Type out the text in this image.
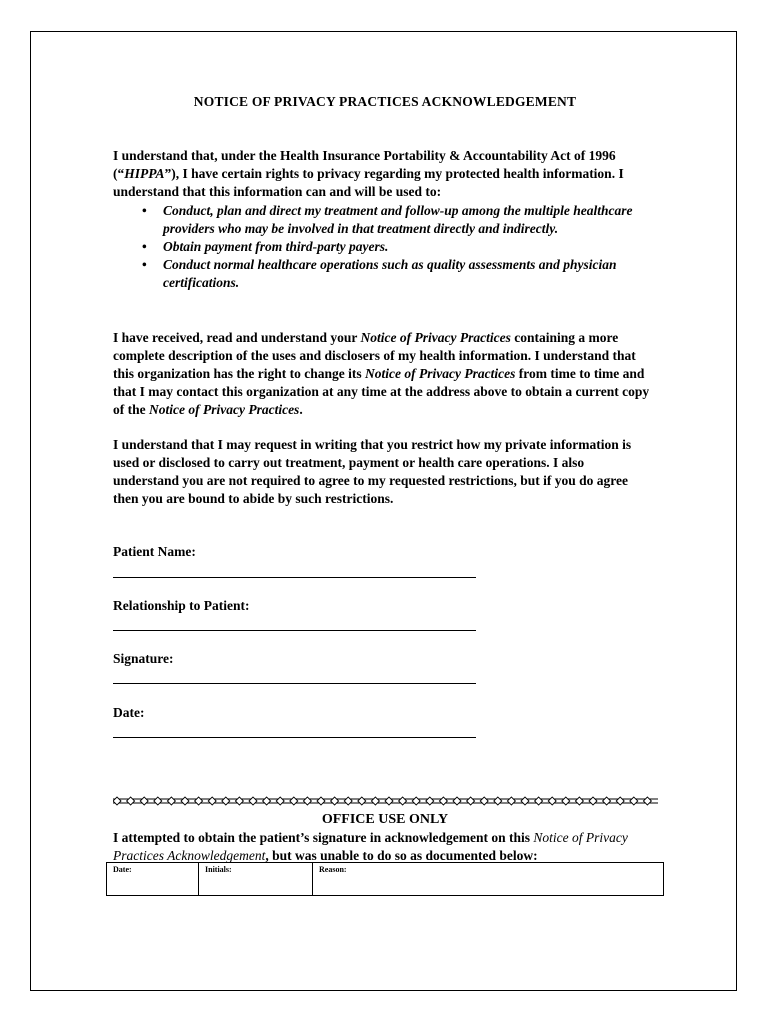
NOTICE OF PRIVACY PRACTICES ACKNOWLEDGEMENT
I understand that, under the Health Insurance Portability & Accountability Act of 1996 (“HIPPA”), I have certain rights to privacy regarding my protected health information. I understand that this information can and will be used to:
• Conduct, plan and direct my treatment and follow-up among the multiple healthcare providers who may be involved in that treatment directly and indirectly.
• Obtain payment from third-party payers.
• Conduct normal healthcare operations such as quality assessments and physician certifications.
I have received, read and understand your Notice of Privacy Practices containing a more complete description of the uses and disclosers of my health information. I understand that this organization has the right to change its Notice of Privacy Practices from time to time and that I may contact this organization at any time at the address above to obtain a current copy of the Notice of Privacy Practices.
I understand that I may request in writing that you restrict how my private information is used or disclosed to carry out treatment, payment or health care operations. I also understand you are not required to agree to my requested restrictions, but if you do agree then you are bound to abide by such restrictions.
Patient Name:
Relationship to Patient:
Signature:
Date:
OFFICE USE ONLY
I attempted to obtain the patient’s signature in acknowledgement on this Notice of Privacy Practices Acknowledgement, but was unable to do so as documented below:
Date:	Initials:	Reason:
